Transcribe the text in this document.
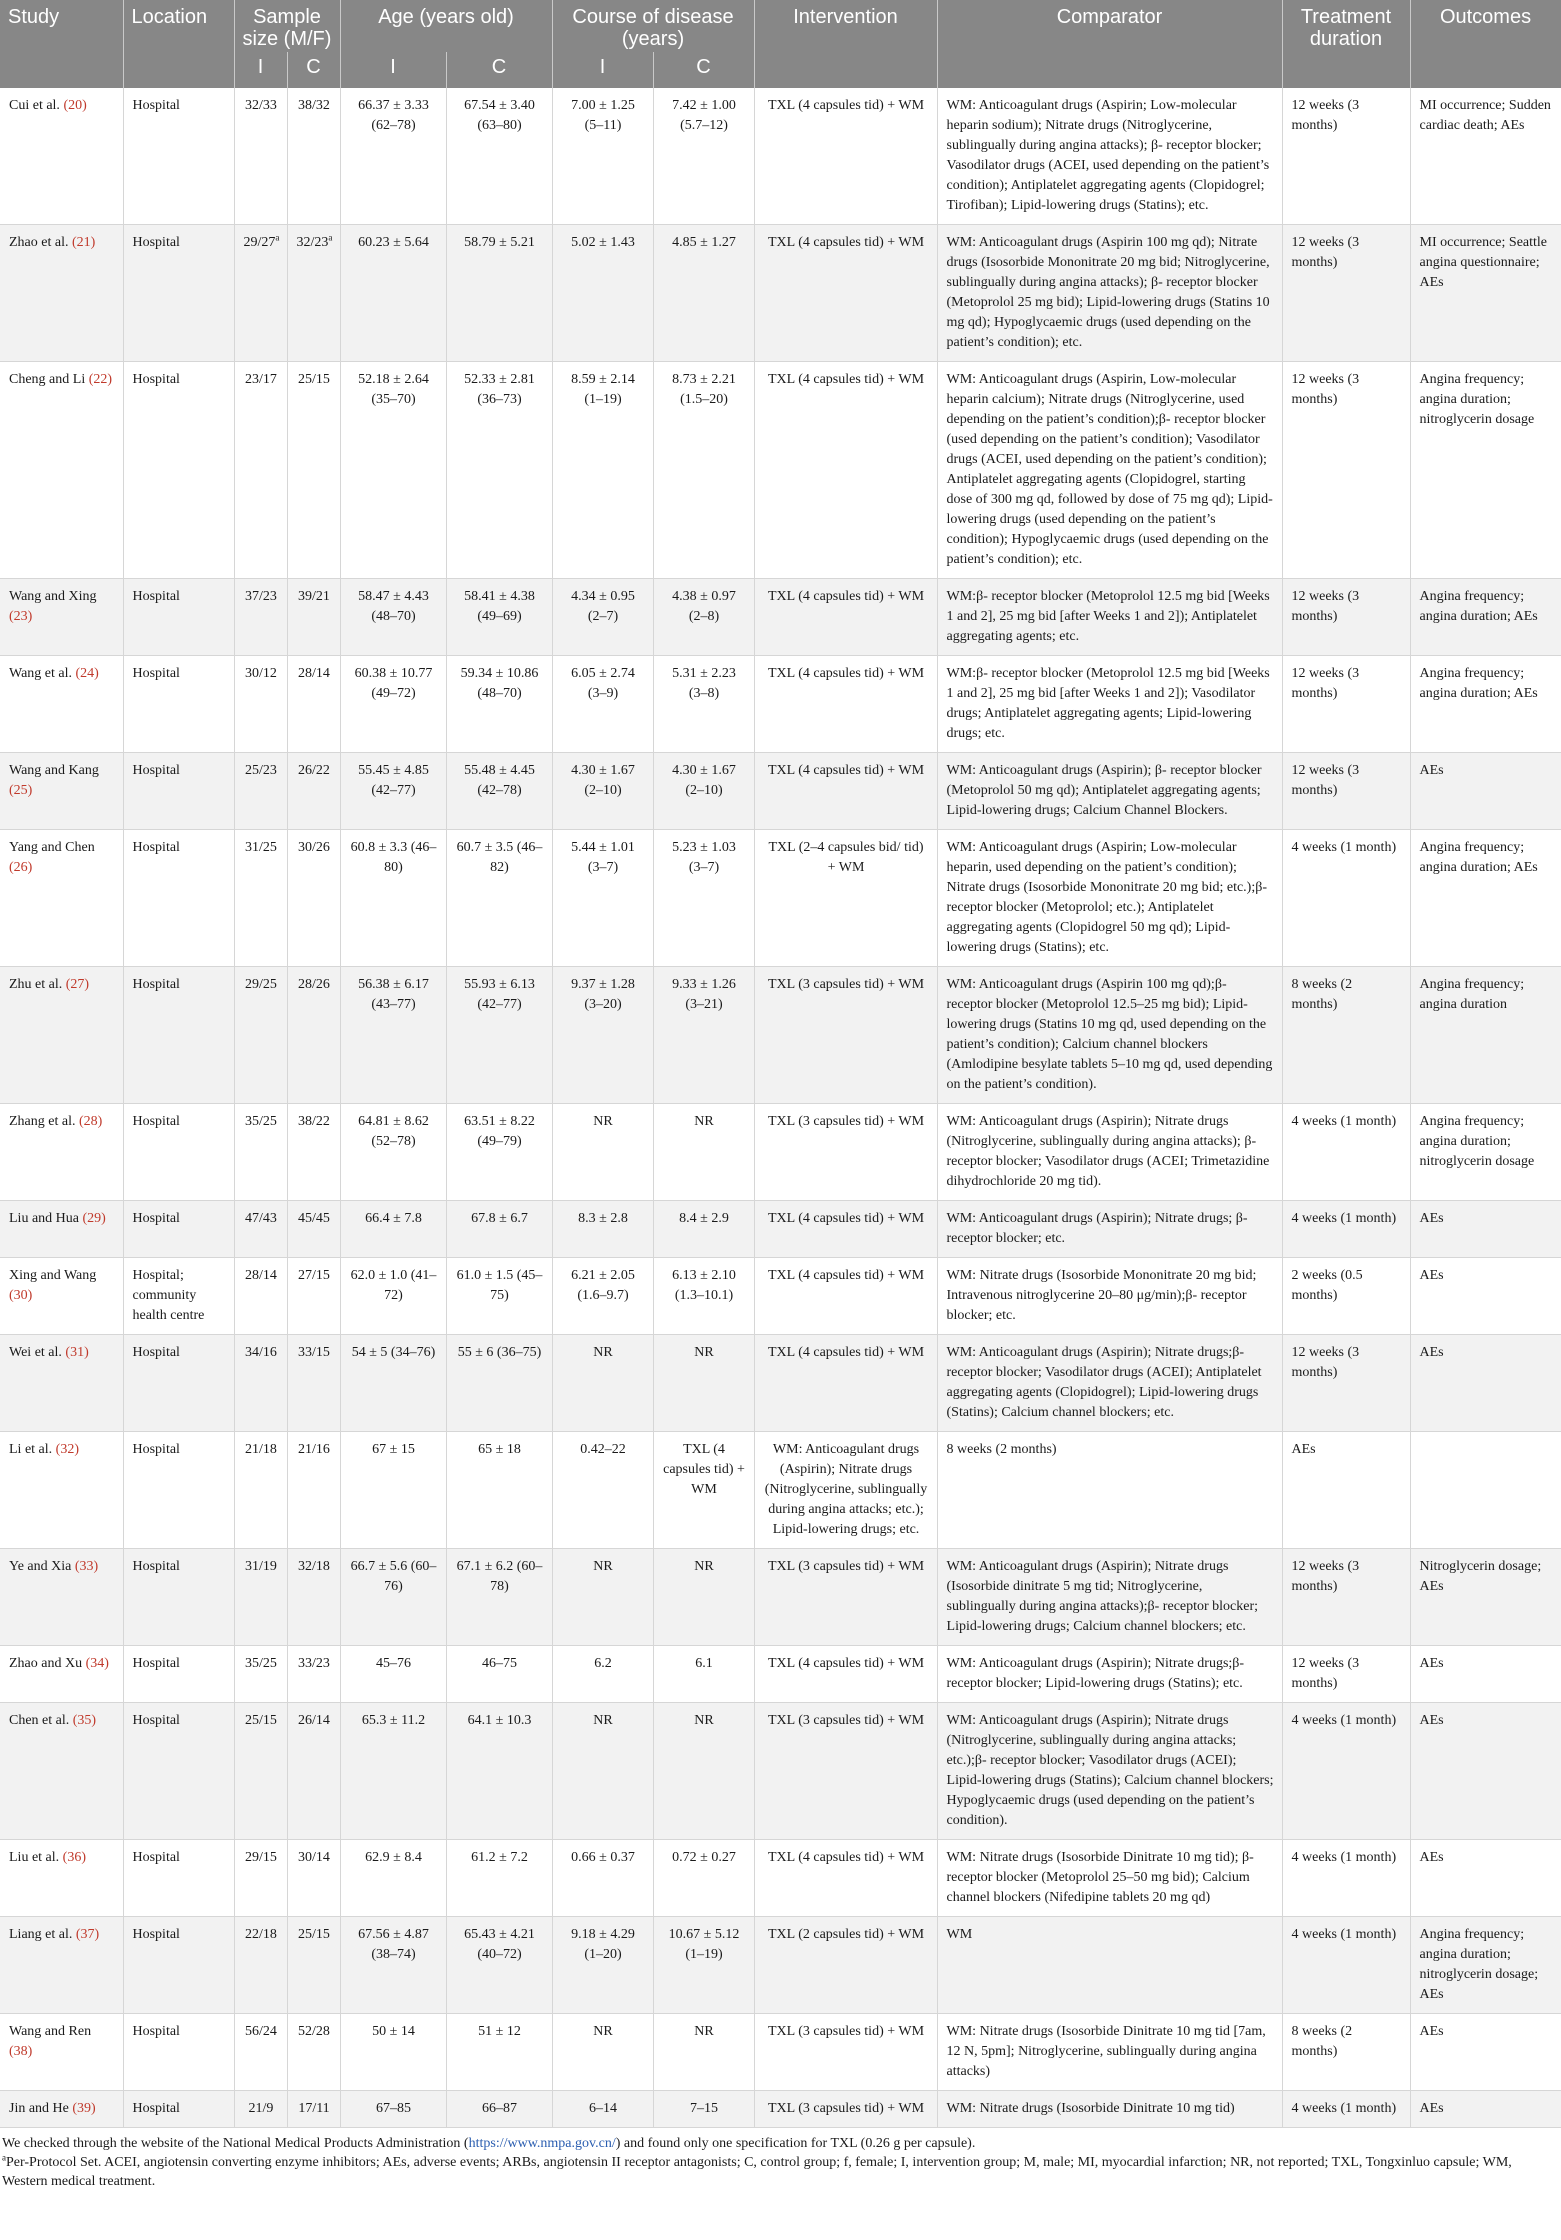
Study	Location	Sample size (M/F)		Age (years old)		Course of disease (years)		Intervention	Comparator	Treatment duration	Outcomes
		I	C	I	C	I	C				
Cui et al. (20)	Hospital	32/33	38/32	66.37 ± 3.33 (62–78)	67.54 ± 3.40 (63–80)	7.00 ± 1.25 (5–11)	7.42 ± 1.00 (5.7–12)	TXL (4 capsules tid) + WM	WM: Anticoagulant drugs (Aspirin; Low-molecular heparin sodium); Nitrate drugs (Nitroglycerine, sublingually during angina attacks); β- receptor blocker; Vasodilator drugs (ACEI, used depending on the patient’s condition); Antiplatelet aggregating agents (Clopidogrel; Tirofiban); Lipid-lowering drugs (Statins); etc.	12 weeks (3 months)	MI occurrence; Sudden cardiac death; AEs
Zhao et al. (21)	Hospital	29/27$^a$	32/23$^a$	60.23 ± 5.64	58.79 ± 5.21	5.02 ± 1.43	4.85 ± 1.27	TXL (4 capsules tid) + WM	WM: Anticoagulant drugs (Aspirin 100 mg qd); Nitrate drugs (Isosorbide Mononitrate 20 mg bid; Nitroglycerine, sublingually during angina attacks); β- receptor blocker (Metoprolol 25 mg bid); Lipid-lowering drugs (Statins 10 mg qd); Hypoglycaemic drugs (used depending on the patient’s condition); etc.	12 weeks (3 months)	MI occurrence; Seattle angina questionnaire; AEs
Cheng and Li (22)	Hospital	23/17	25/15	52.18 ± 2.64 (35–70)	52.33 ± 2.81 (36–73)	8.59 ± 2.14 (1–19)	8.73 ± 2.21 (1.5–20)	TXL (4 capsules tid) + WM	WM: Anticoagulant drugs (Aspirin, Low-molecular heparin calcium); Nitrate drugs (Nitroglycerine, used depending on the patient’s condition);β- receptor blocker (used depending on the patient’s condition); Vasodilator drugs (ACEI, used depending on the patient’s condition); Antiplatelet aggregating agents (Clopidogrel, starting dose of 300 mg qd, followed by dose of 75 mg qd); Lipid-lowering drugs (used depending on the patient’s condition); Hypoglycaemic drugs (used depending on the patient’s condition); etc.	12 weeks (3 months)	Angina frequency; angina duration; nitroglycerin dosage
Wang and Xing (23)	Hospital	37/23	39/21	58.47 ± 4.43 (48–70)	58.41 ± 4.38 (49–69)	4.34 ± 0.95 (2–7)	4.38 ± 0.97 (2–8)	TXL (4 capsules tid) + WM	WM:β- receptor blocker (Metoprolol 12.5 mg bid [Weeks 1 and 2], 25 mg bid [after Weeks 1 and 2]); Antiplatelet aggregating agents; etc.	12 weeks (3 months)	Angina frequency; angina duration; AEs
Wang et al. (24)	Hospital	30/12	28/14	60.38 ± 10.77 (49–72)	59.34 ± 10.86 (48–70)	6.05 ± 2.74 (3–9)	5.31 ± 2.23 (3–8)	TXL (4 capsules tid) + WM	WM:β- receptor blocker (Metoprolol 12.5 mg bid [Weeks 1 and 2], 25 mg bid [after Weeks 1 and 2]); Vasodilator drugs; Antiplatelet aggregating agents; Lipid-lowering drugs; etc.	12 weeks (3 months)	Angina frequency; angina duration; AEs
Wang and Kang (25)	Hospital	25/23	26/22	55.45 ± 4.85 (42–77)	55.48 ± 4.45 (42–78)	4.30 ± 1.67 (2–10)	4.30 ± 1.67 (2–10)	TXL (4 capsules tid) + WM	WM: Anticoagulant drugs (Aspirin); β- receptor blocker (Metoprolol 50 mg qd); Antiplatelet aggregating agents; Lipid-lowering drugs; Calcium Channel Blockers.	12 weeks (3 months)	AEs
Yang and Chen (26)	Hospital	31/25	30/26	60.8 ± 3.3 (46–80)	60.7 ± 3.5 (46–82)	5.44 ± 1.01 (3–7)	5.23 ± 1.03 (3–7)	TXL (2–4 capsules bid/ tid) + WM	WM: Anticoagulant drugs (Aspirin; Low-molecular heparin, used depending on the patient’s condition); Nitrate drugs (Isosorbide Mononitrate 20 mg bid; etc.);β- receptor blocker (Metoprolol; etc.); Antiplatelet aggregating agents (Clopidogrel 50 mg qd); Lipid-lowering drugs (Statins); etc.	4 weeks (1 month)	Angina frequency; angina duration; AEs
Zhu et al. (27)	Hospital	29/25	28/26	56.38 ± 6.17 (43–77)	55.93 ± 6.13 (42–77)	9.37 ± 1.28 (3–20)	9.33 ± 1.26 (3–21)	TXL (3 capsules tid) + WM	WM: Anticoagulant drugs (Aspirin 100 mg qd);β- receptor blocker (Metoprolol 12.5–25 mg bid); Lipid-lowering drugs (Statins 10 mg qd, used depending on the patient’s condition); Calcium channel blockers (Amlodipine besylate tablets 5–10 mg qd, used depending on the patient’s condition).	8 weeks (2 months)	Angina frequency; angina duration
Zhang et al. (28)	Hospital	35/25	38/22	64.81 ± 8.62 (52–78)	63.51 ± 8.22 (49–79)	NR	NR	TXL (3 capsules tid) + WM	WM: Anticoagulant drugs (Aspirin); Nitrate drugs (Nitroglycerine, sublingually during angina attacks); β- receptor blocker; Vasodilator drugs (ACEI; Trimetazidine dihydrochloride 20 mg tid).	4 weeks (1 month)	Angina frequency; angina duration; nitroglycerin dosage
Liu and Hua (29)	Hospital	47/43	45/45	66.4 ± 7.8	67.8 ± 6.7	8.3 ± 2.8	8.4 ± 2.9	TXL (4 capsules tid) + WM	WM: Anticoagulant drugs (Aspirin); Nitrate drugs; β- receptor blocker; etc.	4 weeks (1 month)	AEs
Xing and Wang (30)	Hospital; community health centre	28/14	27/15	62.0 ± 1.0 (41–72)	61.0 ± 1.5 (45–75)	6.21 ± 2.05 (1.6–9.7)	6.13 ± 2.10 (1.3–10.1)	TXL (4 capsules tid) + WM	WM: Nitrate drugs (Isosorbide Mononitrate 20 mg bid; Intravenous nitroglycerine 20–80 μg/min);β- receptor blocker; etc.	2 weeks (0.5 months)	AEs
Wei et al. (31)	Hospital	34/16	33/15	54 ± 5 (34–76)	55 ± 6 (36–75)	NR	NR	TXL (4 capsules tid) + WM	WM: Anticoagulant drugs (Aspirin); Nitrate drugs;β- receptor blocker; Vasodilator drugs (ACEI); Antiplatelet aggregating agents (Clopidogrel); Lipid-lowering drugs (Statins); Calcium channel blockers; etc.	12 weeks (3 months)	AEs
Li et al. (32)	Hospital	21/18	21/16	67 ± 15	65 ± 18	0.42–22	TXL (4 capsules tid) + WM	WM: Anticoagulant drugs (Aspirin); Nitrate drugs (Nitroglycerine, sublingually during angina attacks; etc.); Lipid-lowering drugs; etc.	8 weeks (2 months)	AEs	
Ye and Xia (33)	Hospital	31/19	32/18	66.7 ± 5.6 (60–76)	67.1 ± 6.2 (60–78)	NR	NR	TXL (3 capsules tid) + WM	WM: Anticoagulant drugs (Aspirin); Nitrate drugs (Isosorbide dinitrate 5 mg tid; Nitroglycerine, sublingually during angina attacks);β- receptor blocker; Lipid-lowering drugs; Calcium channel blockers; etc.	12 weeks (3 months)	Nitroglycerin dosage; AEs
Zhao and Xu (34)	Hospital	35/25	33/23	45–76	46–75	6.2	6.1	TXL (4 capsules tid) + WM	WM: Anticoagulant drugs (Aspirin); Nitrate drugs;β- receptor blocker; Lipid-lowering drugs (Statins); etc.	12 weeks (3 months)	AEs
Chen et al. (35)	Hospital	25/15	26/14	65.3 ± 11.2	64.1 ± 10.3	NR	NR	TXL (3 capsules tid) + WM	WM: Anticoagulant drugs (Aspirin); Nitrate drugs (Nitroglycerine, sublingually during angina attacks; etc.);β- receptor blocker; Vasodilator drugs (ACEI); Lipid-lowering drugs (Statins); Calcium channel blockers; Hypoglycaemic drugs (used depending on the patient’s condition).	4 weeks (1 month)	AEs
Liu et al. (36)	Hospital	29/15	30/14	62.9 ± 8.4	61.2 ± 7.2	0.66 ± 0.37	0.72 ± 0.27	TXL (4 capsules tid) + WM	WM: Nitrate drugs (Isosorbide Dinitrate 10 mg tid); β- receptor blocker (Metoprolol 25–50 mg bid); Calcium channel blockers (Nifedipine tablets 20 mg qd)	4 weeks (1 month)	AEs
Liang et al. (37)	Hospital	22/18	25/15	67.56 ± 4.87 (38–74)	65.43 ± 4.21 (40–72)	9.18 ± 4.29 (1–20)	10.67 ± 5.12 (1–19)	TXL (2 capsules tid) + WM	WM	4 weeks (1 month)	Angina frequency; angina duration; nitroglycerin dosage; AEs
Wang and Ren (38)	Hospital	56/24	52/28	50 ± 14	51 ± 12	NR	NR	TXL (3 capsules tid) + WM	WM: Nitrate drugs (Isosorbide Dinitrate 10 mg tid [7am, 12 N, 5pm]; Nitroglycerine, sublingually during angina attacks)	8 weeks (2 months)	AEs
Jin and He (39)	Hospital	21/9	17/11	67–85	66–87	6–14	7–15	TXL (3 capsules tid) + WM	WM: Nitrate drugs (Isosorbide Dinitrate 10 mg tid)	4 weeks (1 month)	AEs

We checked through the website of the National Medical Products Administration (https://www.nmpa.gov.cn/) and found only one specification for TXL (0.26 g per capsule).

$^a$Per-Protocol Set. ACEI, angiotensin converting enzyme inhibitors; AEs, adverse events; ARBs, angiotensin II receptor antagonists; C, control group; f, female; I, intervention group; M, male; MI, myocardial infarction; NR, not reported; TXL, Tongxinluo capsule; WM, Western medical treatment.
